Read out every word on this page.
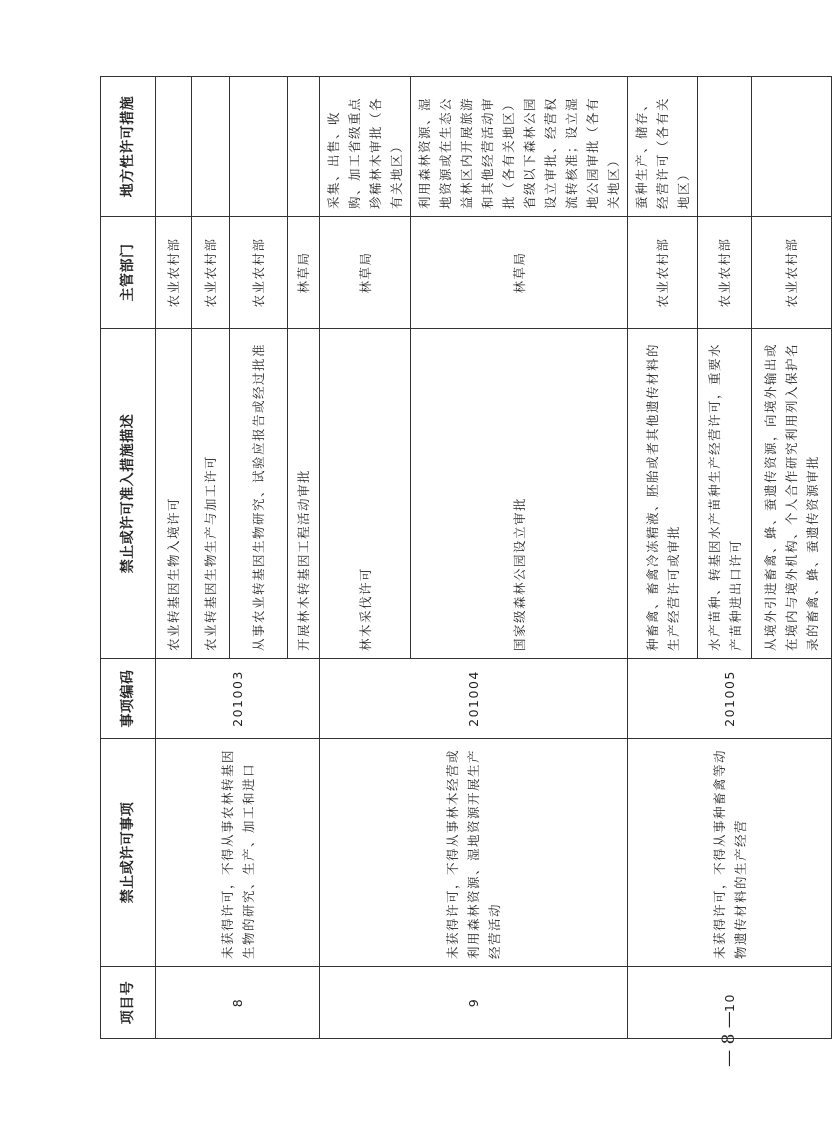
项目号	禁止或许可事项	事项编码	禁止或许可准入措施描述	主管部门	地方性许可措施
8	未获得许可，不得从事农林转基因生物的研究、生产、加工和进口	201003	农业转基因生物入境许可	农业农村部	
			农业转基因生物生产与加工许可	农业农村部	
			从事农业转基因生物研究、试验应报告或经过批准	农业农村部	
			开展林木转基因工程活动审批	林草局	
9	未获得许可，不得从事林木经营或利用森林资源、湿地资源开展生产经营活动	201004	林木采伐许可	林草局	采集、出售、收购、加工省级重点珍稀林木审批（各有关地区）
			国家级森林公园设立审批	林草局	利用森林资源、湿地资源或在生态公益林区内开展旅游和其他经营活动审批（各有关地区）省级以下森林公园设立审批、经营权流转核准；设立湿地公园审批（各有关地区）
10	未获得许可，不得从事种畜禽等动物遗传材料的生产经营	201005	种畜禽、畜禽冷冻精液、胚胎或者其他遗传材料的生产经营许可或审批	农业农村部	蚕种生产、储存、经营许可（各有关地区）
			水产苗种、转基因水产苗种生产经营许可，重要水产苗种进出口许可	农业农村部	
			从境外引进畜禽、蜂、蚕遗传资源，向境外输出或在境内与境外机构、个人合作研究利用列入保护名录的畜禽、蜂、蚕遗传资源审批	农业农村部	
— 8 —
